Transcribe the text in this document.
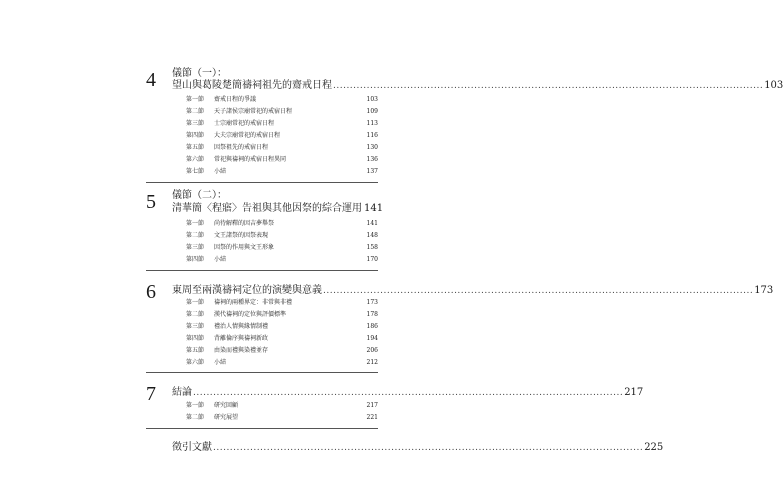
4 儀節（一）：
望山與葛陵楚簡禱祠祖先的齋戒日程 ................................................................................................................................ 103
第一節	齋戒日程的爭議	103
第二節	天子諸侯宗廟常祀的戒宿日程	109
第三節	士宗廟常祀的戒宿日程	113
第四節	大夫宗廟常祀的戒宿日程	116
第五節	因祭祖先的戒宿日程	130
第六節	常祀與禱祠的戒宿日程異同	136
第七節	小結	137
5 儀節（二）：
清華簡〈程寤〉告祖與其他因祭的綜合運用 141
第一節	尚待解釋的因吉夢舉祭	141
第二節	文王諸祭的因祭表現	148
第三節	因祭的作用與文王形象	158
第四節	小結	170
6 東周至兩漢禱祠定位的演變與意義 ................................................................................................................................ 173
第一節	禱祠的兩種界定：非常與非禮	173
第二節	漢代禱祠的定位與評價標準	178
第三節	禮治人情與緣情制禮	186
第四節	背離倫序與禱祠新政	194
第五節	由染而禮與染禮並存	206
第六節	小結	212
7 結論 ................................................................................................................................ 217
第一節	研究回顧	217
第二節	研究展望	221
徵引文獻 ................................................................................................................................ 225
